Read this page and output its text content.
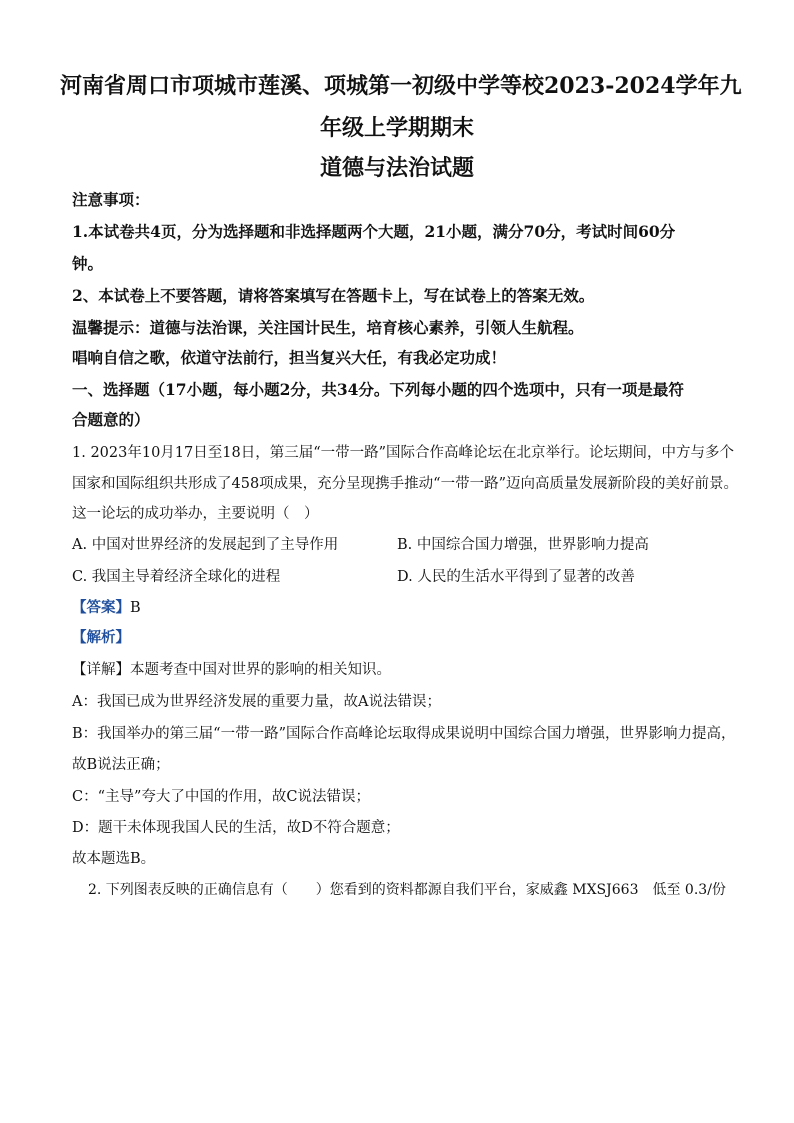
河南省周口市项城市莲溪、项城第一初级中学等校2023-2024学年九
年级上学期期末
道德与法治试题
注意事项：
1.本试卷共4页，分为选择题和非选择题两个大题，21小题，满分70分，考试时间60分
钟。
2、本试卷上不要答题，请将答案填写在答题卡上，写在试卷上的答案无效。
温馨提示：道德与法治课，关注国计民生，培育核心素养，引领人生航程。
唱响自信之歌，依道守法前行，担当复兴大任，有我必定功成！
一、选择题（17小题，每小题2分，共34分。下列每小题的四个选项中，只有一项是最符
合题意的）
1. 2023年10月17日至18日，第三届“一带一路”国际合作高峰论坛在北京举行。论坛期间，中方与多个
国家和国际组织共形成了458项成果，充分呈现携手推动“一带一路”迈向高质量发展新阶段的美好前景。
这一论坛的成功举办，主要说明（　）
A. 中国对世界经济的发展起到了主导作用	B. 中国综合国力增强，世界影响力提高
C. 我国主导着经济全球化的进程	D. 人民的生活水平得到了显著的改善
【答案】B
【解析】
【详解】本题考查中国对世界的影响的相关知识。
A：我国已成为世界经济发展的重要力量，故A说法错误；
B：我国举办的第三届“一带一路”国际合作高峰论坛取得成果说明中国综合国力增强，世界影响力提高，
故B说法正确；
C：“主导”夸大了中国的作用，故C说法错误；
D：题干未体现我国人民的生活，故D不符合题意；
故本题选B。
2. 下列图表反映的正确信息有（　　）您看到的资料都源自我们平台，家威鑫 MXSJ663　低至 0.3/份
